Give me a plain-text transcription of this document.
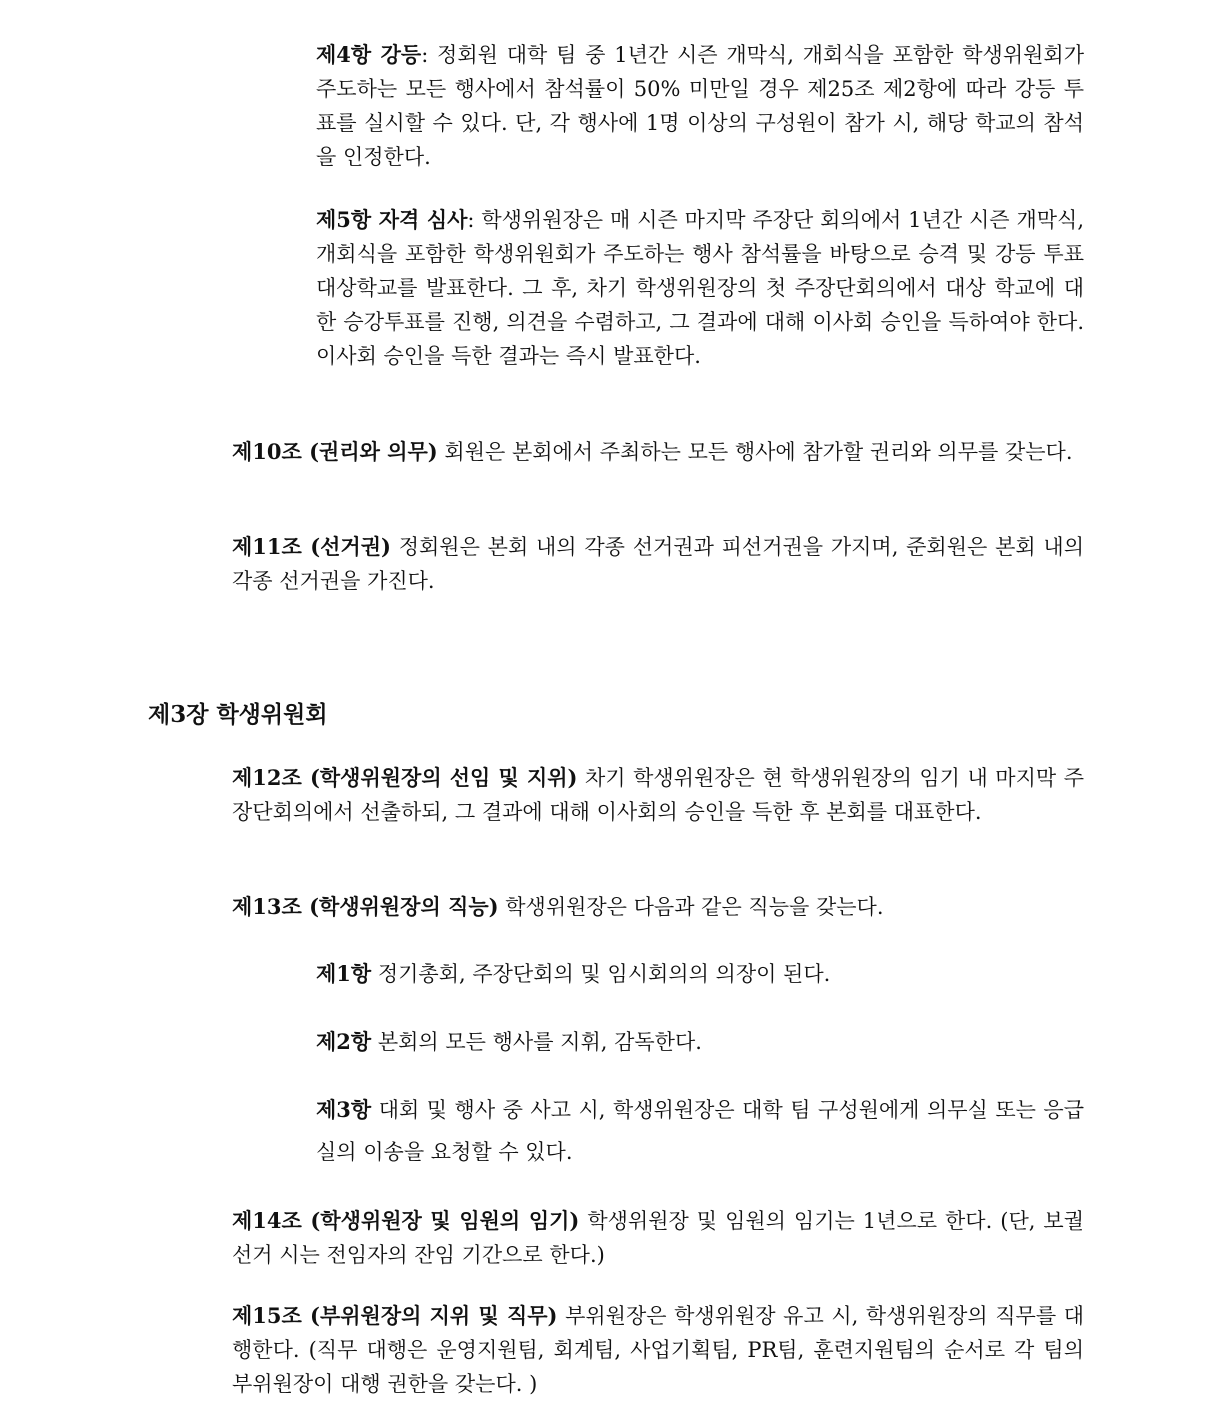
제4항 강등: 정회원 대학 팀 중 1년간 시즌 개막식, 개회식을 포함한 학생위원회가 주도하는 모든 행사에서 참석률이 50% 미만일 경우 제25조 제2항에 따라 강등 투표를 실시할 수 있다. 단, 각 행사에 1명 이상의 구성원이 참가 시, 해당 학교의 참석을 인정한다.

제5항 자격 심사: 학생위원장은 매 시즌 마지막 주장단 회의에서 1년간 시즌 개막식, 개회식을 포함한 학생위원회가 주도하는 행사 참석률을 바탕으로 승격 및 강등 투표 대상학교를 발표한다. 그 후, 차기 학생위원장의 첫 주장단회의에서 대상 학교에 대한 승강투표를 진행, 의견을 수렴하고, 그 결과에 대해 이사회 승인을 득하여야 한다. 이사회 승인을 득한 결과는 즉시 발표한다.

제10조 (권리와 의무) 회원은 본회에서 주최하는 모든 행사에 참가할 권리와 의무를 갖는다.

제11조 (선거권) 정회원은 본회 내의 각종 선거권과 피선거권을 가지며, 준회원은 본회 내의 각종 선거권을 가진다.

제3장 학생위원회

제12조 (학생위원장의 선임 및 지위) 차기 학생위원장은 현 학생위원장의 임기 내 마지막 주장단회의에서 선출하되, 그 결과에 대해 이사회의 승인을 득한 후 본회를 대표한다.

제13조 (학생위원장의 직능) 학생위원장은 다음과 같은 직능을 갖는다.

제1항 정기총회, 주장단회의 및 임시회의의 의장이 된다.

제2항 본회의 모든 행사를 지휘, 감독한다.

제3항 대회 및 행사 중 사고 시, 학생위원장은 대학 팀 구성원에게 의무실 또는 응급실의 이송을 요청할 수 있다.

제14조 (학생위원장 및 임원의 임기) 학생위원장 및 임원의 임기는 1년으로 한다. (단, 보궐선거 시는 전임자의 잔임 기간으로 한다.)

제15조 (부위원장의 지위 및 직무) 부위원장은 학생위원장 유고 시, 학생위원장의 직무를 대행한다. (직무 대행은 운영지원팀, 회계팀, 사업기획팀, PR팀, 훈련지원팀의 순서로 각 팀의 부위원장이 대행 권한을 갖는다. )
